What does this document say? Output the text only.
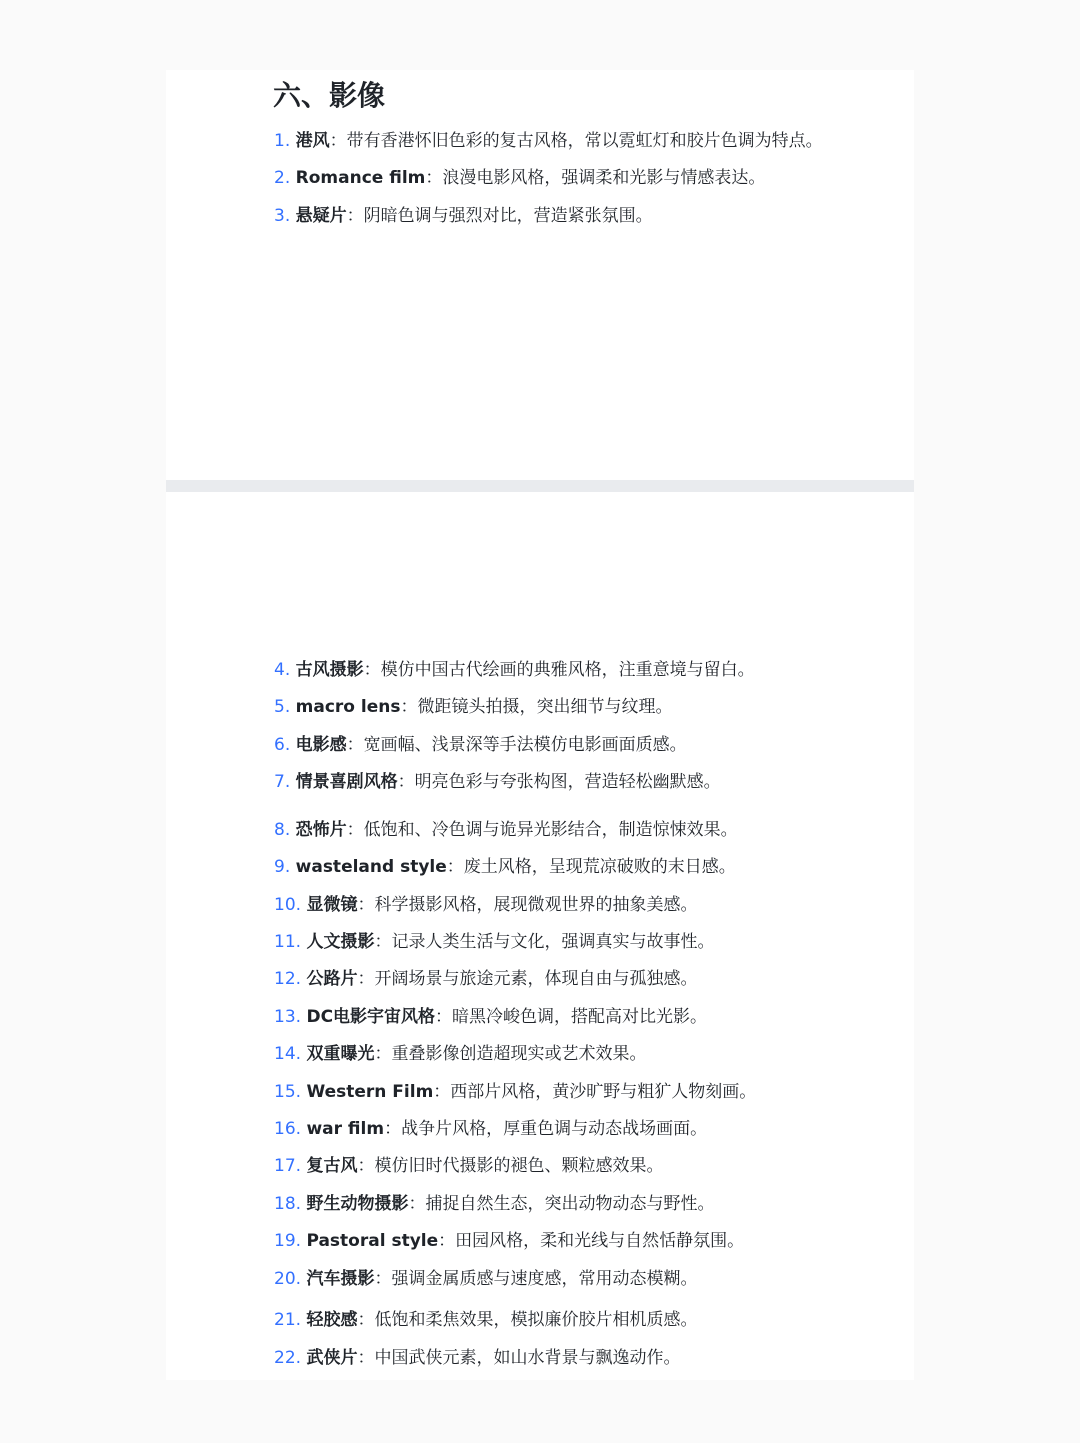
六、影像
1. 港风：带有香港怀旧色彩的复古风格，常以霓虹灯和胶片色调为特点。
2. Romance film：浪漫电影风格，强调柔和光影与情感表达。
3. 悬疑片：阴暗色调与强烈对比，营造紧张氛围。
4. 古风摄影：模仿中国古代绘画的典雅风格，注重意境与留白。
5. macro lens：微距镜头拍摄，突出细节与纹理。
6. 电影感：宽画幅、浅景深等手法模仿电影画面质感。
7. 情景喜剧风格：明亮色彩与夸张构图，营造轻松幽默感。
8. 恐怖片：低饱和、冷色调与诡异光影结合，制造惊悚效果。
9. wasteland style：废土风格，呈现荒凉破败的末日感。
10. 显微镜：科学摄影风格，展现微观世界的抽象美感。
11. 人文摄影：记录人类生活与文化，强调真实与故事性。
12. 公路片：开阔场景与旅途元素，体现自由与孤独感。
13. DC电影宇宙风格：暗黑冷峻色调，搭配高对比光影。
14. 双重曝光：重叠影像创造超现实或艺术效果。
15. Western Film：西部片风格，黄沙旷野与粗犷人物刻画。
16. war film：战争片风格，厚重色调与动态战场画面。
17. 复古风：模仿旧时代摄影的褪色、颗粒感效果。
18. 野生动物摄影：捕捉自然生态，突出动物动态与野性。
19. Pastoral style：田园风格，柔和光线与自然恬静氛围。
20. 汽车摄影：强调金属质感与速度感，常用动态模糊。
21. 轻胶感：低饱和柔焦效果，模拟廉价胶片相机质感。
22. 武侠片：中国武侠元素，如山水背景与飘逸动作。
